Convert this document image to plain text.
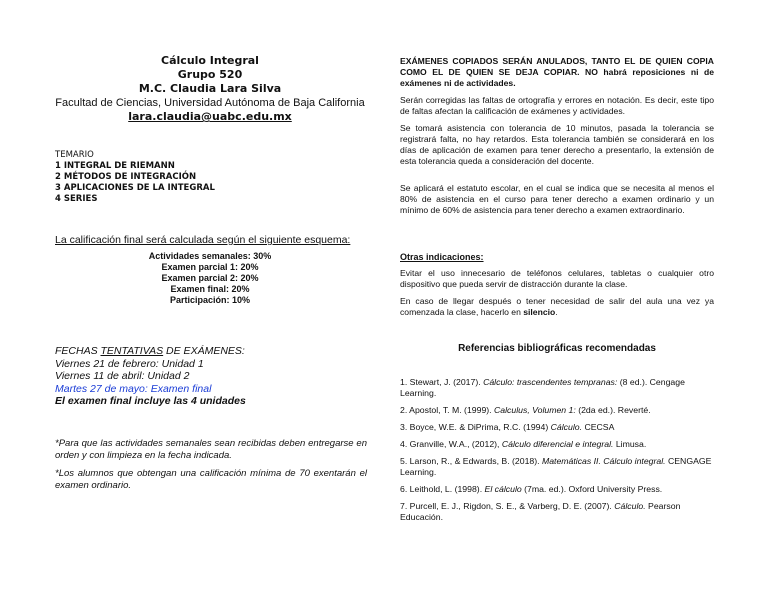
Cálculo Integral
Grupo 520
M.C. Claudia Lara Silva
Facultad de Ciencias, Universidad Autónoma de Baja California
lara.claudia@uabc.edu.mx
TEMARIO
1 INTEGRAL DE RIEMANN
2 MÉTODOS DE INTEGRACIÓN
3 APLICACIONES DE LA INTEGRAL
4 SERIES
La calificación final será calculada según el siguiente esquema:
Actividades semanales: 30%
Examen parcial 1: 20%
Examen parcial 2: 20%
Examen final: 20%
Participación: 10%
FECHAS TENTATIVAS DE EXÁMENES:
Viernes 21 de febrero: Unidad 1
Viernes 11 de abril: Unidad 2
Martes 27 de mayo: Examen final
El examen final incluye las 4 unidades

*Para que las actividades semanales sean recibidas deben entregarse en orden y con limpieza en la fecha indicada.

*Los alumnos que obtengan una calificación mínima de 70 exentarán el examen ordinario.

EXÁMENES COPIADOS SERÁN ANULADOS, TANTO EL DE QUIEN COPIA COMO EL DE QUIEN SE DEJA COPIAR. NO habrá reposiciones ni de exámenes ni de actividades.
Serán corregidas las faltas de ortografía y errores en notación. Es decir, este tipo de faltas afectan la calificación de exámenes y actividades.
Se tomará asistencia con tolerancia de 10 minutos, pasada la tolerancia se registrará falta, no hay retardos. Esta tolerancia también se considerará en los días de aplicación de examen para tener derecho a presentarlo, la extensión de esta tolerancia queda a consideración del docente.
Se aplicará el estatuto escolar, en el cual se indica que se necesita al menos el 80% de asistencia en el curso para tener derecho a examen ordinario y un mínimo de 60% de asistencia para tener derecho a examen extraordinario.
Otras indicaciones:
Evitar el uso innecesario de teléfonos celulares, tabletas o cualquier otro dispositivo que pueda servir de distracción durante la clase.
En caso de llegar después o tener necesidad de salir del aula una vez ya comenzada la clase, hacerlo en silencio.
Referencias bibliográficas recomendadas
1. Stewart, J. (2017). Cálculo: trascendentes tempranas: (8 ed.). Cengage Learning.
2. Apostol, T. M. (1999). Calculus, Volumen 1: (2da ed.). Reverté.
3. Boyce, W.E. & DiPrima, R.C. (1994) Cálculo. CECSA
4. Granville, W.A., (2012), Cálculo diferencial e integral. Limusa.
5. Larson, R., & Edwards, B. (2018). Matemáticas II. Cálculo integral. CENGAGE Learning.
6. Leithold, L. (1998). El cálculo (7ma. ed.). Oxford University Press.
7. Purcell, E. J., Rigdon, S. E., & Varberg, D. E. (2007). Cálculo. Pearson Educación.
